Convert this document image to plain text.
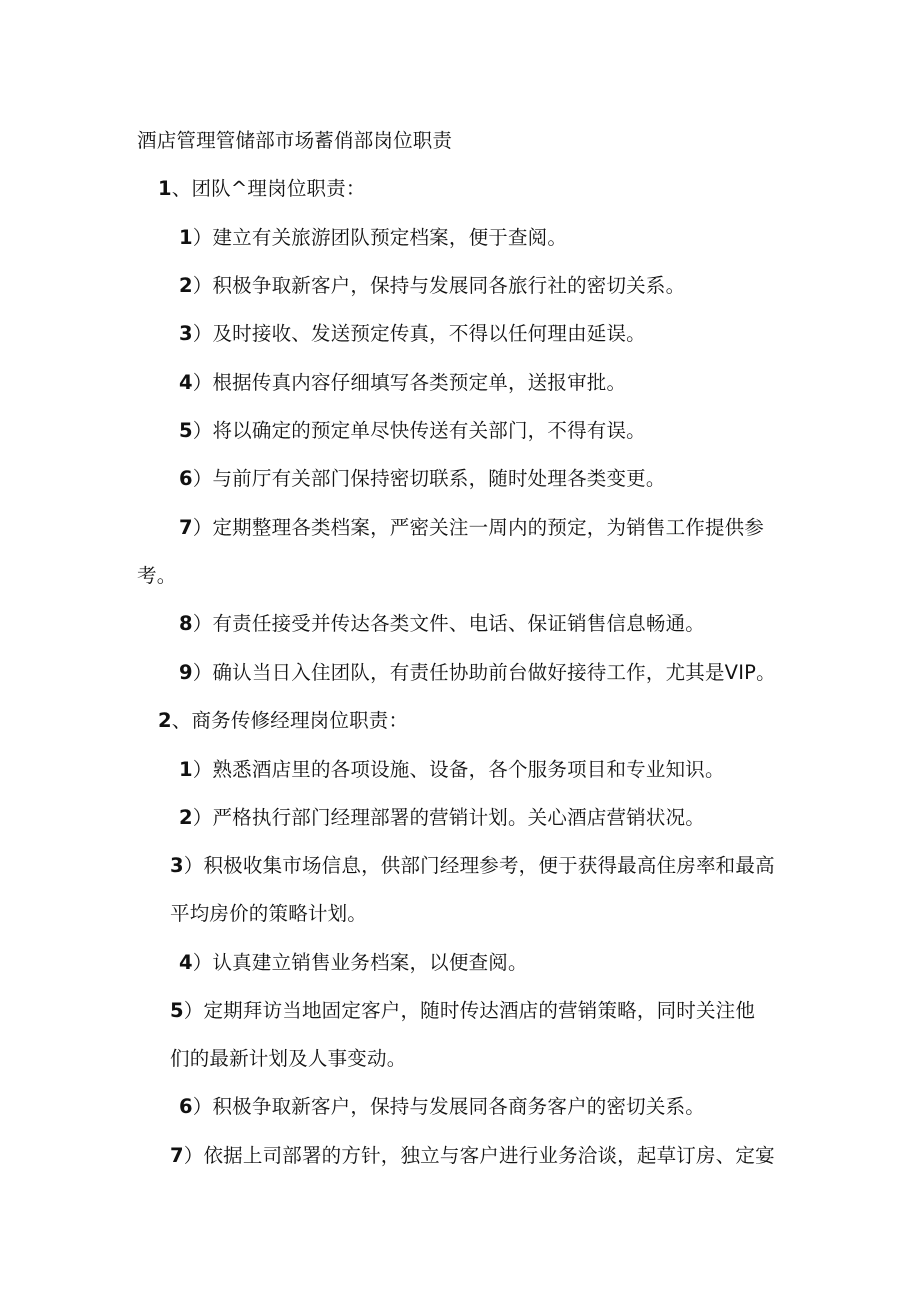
酒店管理管储部市场蓄俏部岗位职责
1、团队^理岗位职责：
1）建立有关旅游团队预定档案，便于查阅。
2）积极争取新客户，保持与发展同各旅行社的密切关系。
3）及时接收、发送预定传真，不得以任何理由延误。
4）根据传真内容仔细填写各类预定单，送报审批。
5）将以确定的预定单尽快传送有关部门，不得有误。
6）与前厅有关部门保持密切联系，随时处理各类变更。
7）定期整理各类档案，严密关注一周内的预定，为销售工作提供参
考。
8）有责任接受并传达各类文件、电话、保证销售信息畅通。
9）确认当日入住团队，有责任协助前台做好接待工作，尤其是VIP。
2、商务传修经理岗位职责：
1）熟悉酒店里的各项设施、设备，各个服务项目和专业知识。
2）严格执行部门经理部署的营销计划。关心酒店营销状况。
3）积极收集市场信息，供部门经理参考，便于获得最高住房率和最高
平均房价的策略计划。
4）认真建立销售业务档案，以便查阅。
5）定期拜访当地固定客户，随时传达酒店的营销策略，同时关注他
们的最新计划及人事变动。
6）积极争取新客户，保持与发展同各商务客户的密切关系。
7）依据上司部署的方针，独立与客户进行业务洽谈，起草订房、定宴
